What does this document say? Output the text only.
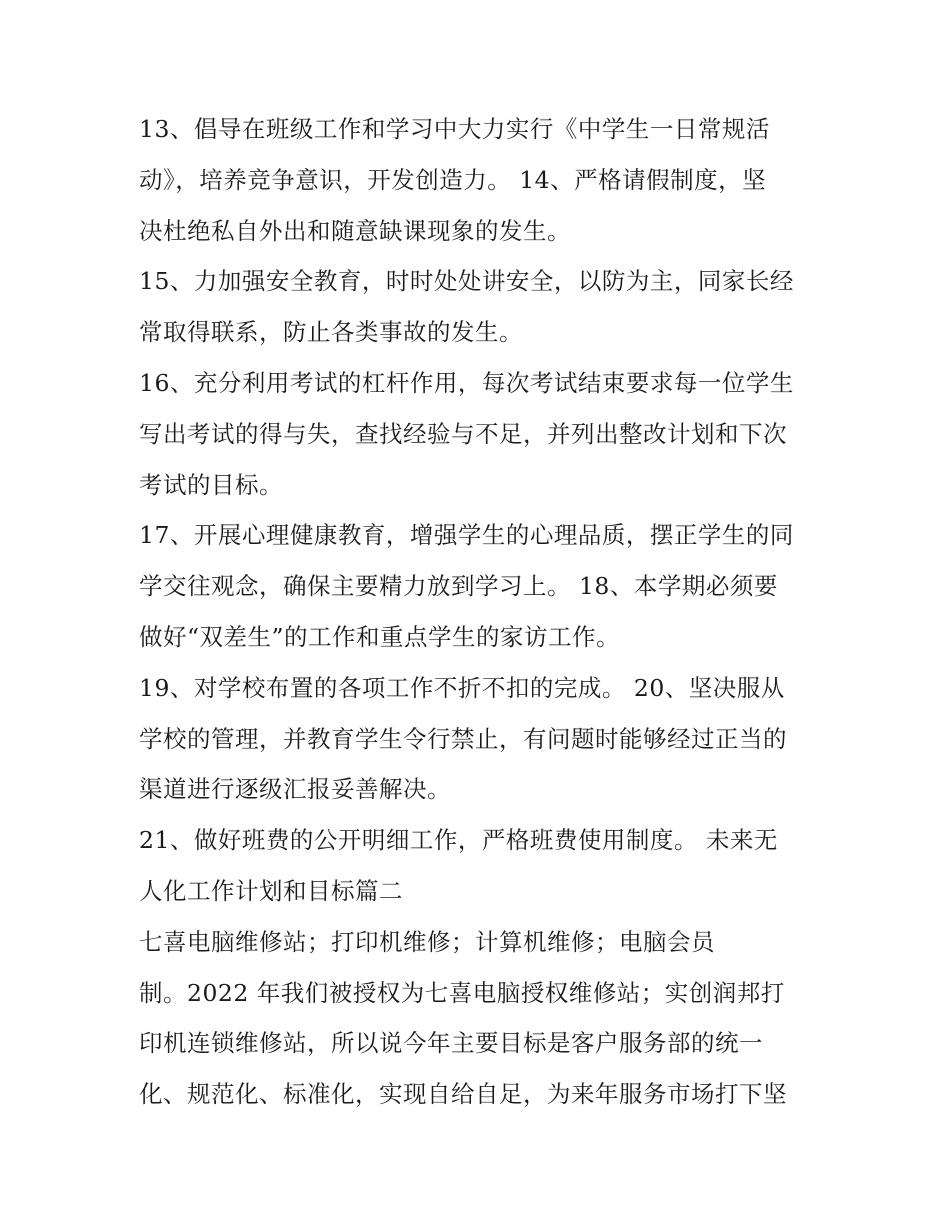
13、倡导在班级工作和学习中大力实行《中学生一日常规活
动》，培养竞争意识，开发创造力。 14、严格请假制度，坚
决杜绝私自外出和随意缺课现象的发生。
15、力加强安全教育，时时处处讲安全，以防为主，同家长经
常取得联系，防止各类事故的发生。
16、充分利用考试的杠杆作用，每次考试结束要求每一位学生
写出考试的得与失，查找经验与不足，并列出整改计划和下次
考试的目标。
17、开展心理健康教育，增强学生的心理品质，摆正学生的同
学交往观念，确保主要精力放到学习上。 18、本学期必须要
做好“双差生”的工作和重点学生的家访工作。
19、对学校布置的各项工作不折不扣的完成。 20、坚决服从
学校的管理，并教育学生令行禁止，有问题时能够经过正当的
渠道进行逐级汇报妥善解决。
21、做好班费的公开明细工作，严格班费使用制度。 未来无
人化工作计划和目标篇二
七喜电脑维修站；打印机维修；计算机维修；电脑会员
制。2022 年我们被授权为七喜电脑授权维修站；实创润邦打
印机连锁维修站，所以说今年主要目标是客户服务部的统一
化、规范化、标准化，实现自给自足，为来年服务市场打下坚
